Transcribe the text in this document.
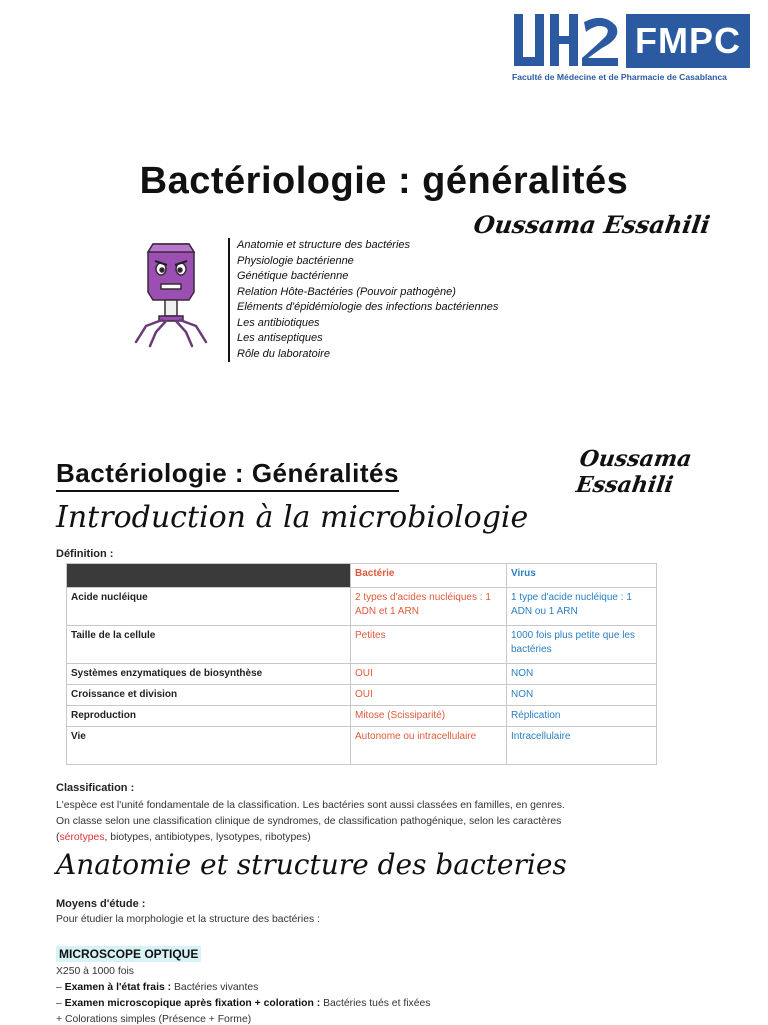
FMPC
Faculté de Médecine et de Pharmacie de Casablanca
Bactériologie : généralités
Oussama Essahili
Anatomie et structure des bactéries
Physiologie bactérienne
Génétique bactérienne
Relation Hôte-Bactéries (Pouvoir pathogène)
Eléments d'épidémiologie des infections bactériennes
Les antibiotiques
Les antiseptiques
Rôle du laboratoire
Oussama Essahili
Bactériologie : Généralités
Introduction à la microbiologie
Définition :
	Bactérie	Virus
Acide nucléique	2 types d'acides nucléiques : 1 ADN et 1 ARN	1 type d'acide nucléique : 1 ADN ou 1 ARN
Taille de la cellule	Petites	1000 fois plus petite que les bactéries
Systèmes enzymatiques de biosynthèse	OUI	NON
Croissance et division	OUI	NON
Reproduction	Mitose (Scissiparité)	Réplication
Vie	Autonome ou intracellulaire	Intracellulaire
Classification :

L'espèce est l'unité fondamentale de la classification. Les bactéries sont aussi classées en familles, en genres.
On classe selon une classification clinique de syndromes, de classification pathogénique, selon les caractères
(sérotypes, biotypes, antibiotypes, lysotypes, ribotypes)

Anatomie et structure des bacteries
Moyens d'étude :
Pour étudier la morphologie et la structure des bactéries :
MICROSCOPE OPTIQUE
X250 à 1000 fois
– Examen à l'état frais : Bactéries vivantes
– Examen microscopique après fixation + coloration : Bactéries tués et fixées
+ Colorations simples (Présence + Forme)
